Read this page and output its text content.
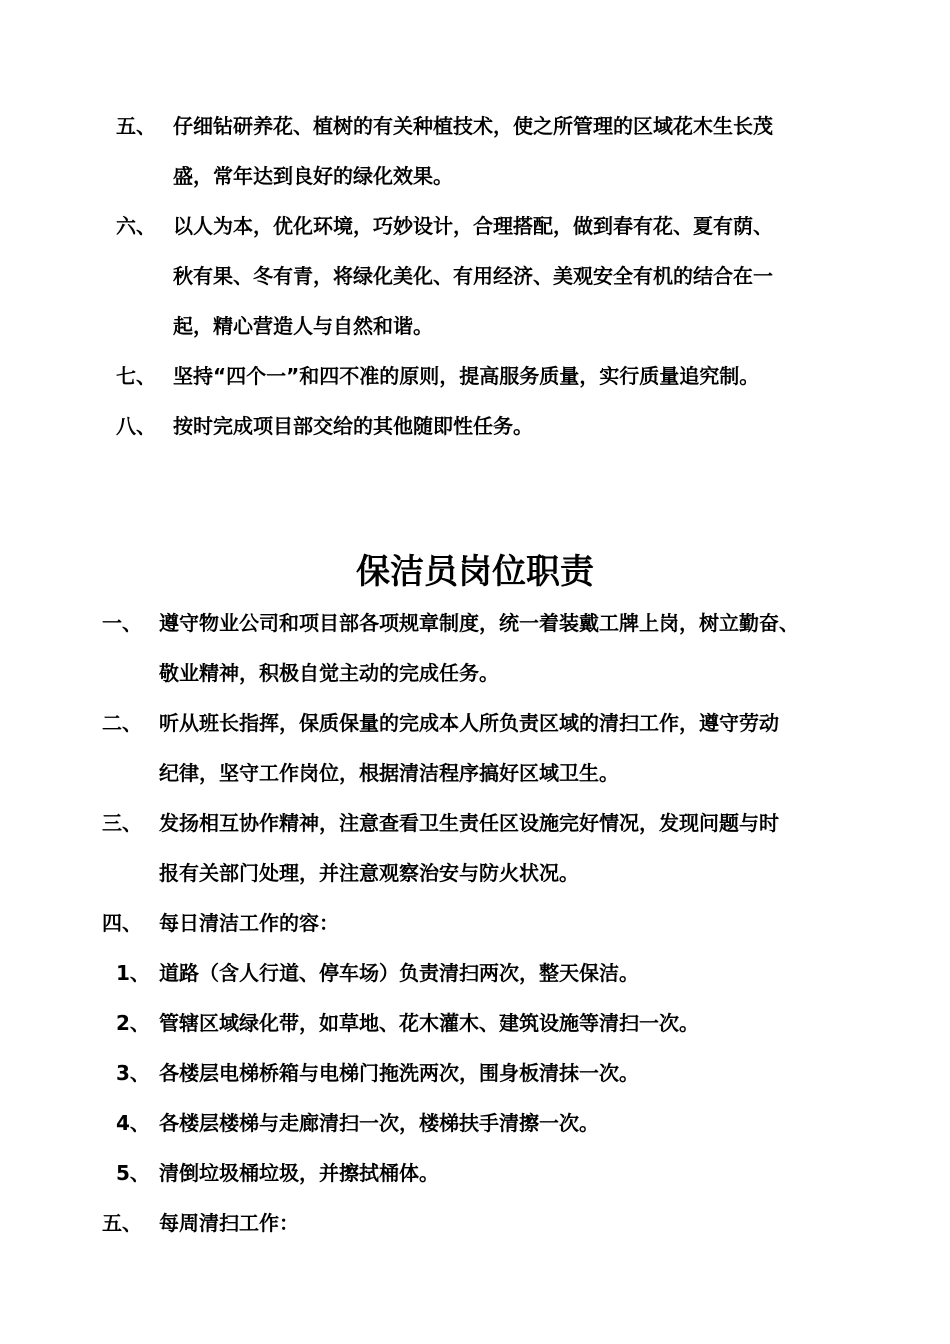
五、 仔细钻研养花、植树的有关种植技术，使之所管理的区域花木生长茂
盛，常年达到良好的绿化效果。
六、 以人为本，优化环境，巧妙设计，合理搭配，做到春有花、夏有荫、
秋有果、冬有青，将绿化美化、有用经济、美观安全有机的结合在一
起，精心营造人与自然和谐。
七、 坚持“四个一”和四不准的原则，提高服务质量，实行质量追究制。
八、 按时完成项目部交给的其他随即性任务。
保洁员岗位职责
一、 遵守物业公司和项目部各项规章制度，统一着装戴工牌上岗，树立勤奋、
敬业精神，积极自觉主动的完成任务。
二、 听从班长指挥，保质保量的完成本人所负责区域的清扫工作，遵守劳动
纪律，坚守工作岗位，根据清洁程序搞好区域卫生。
三、 发扬相互协作精神，注意查看卫生责任区设施完好情况，发现问题与时
报有关部门处理，并注意观察治安与防火状况。
四、 每日清洁工作的容：
1、 道路（含人行道、停车场）负责清扫两次，整天保洁。
2、 管辖区域绿化带，如草地、花木灌木、建筑设施等清扫一次。
3、 各楼层电梯桥箱与电梯门拖洗两次，围身板清抹一次。
4、 各楼层楼梯与走廊清扫一次，楼梯扶手清擦一次。
5、 清倒垃圾桶垃圾，并擦拭桶体。
五、 每周清扫工作：
